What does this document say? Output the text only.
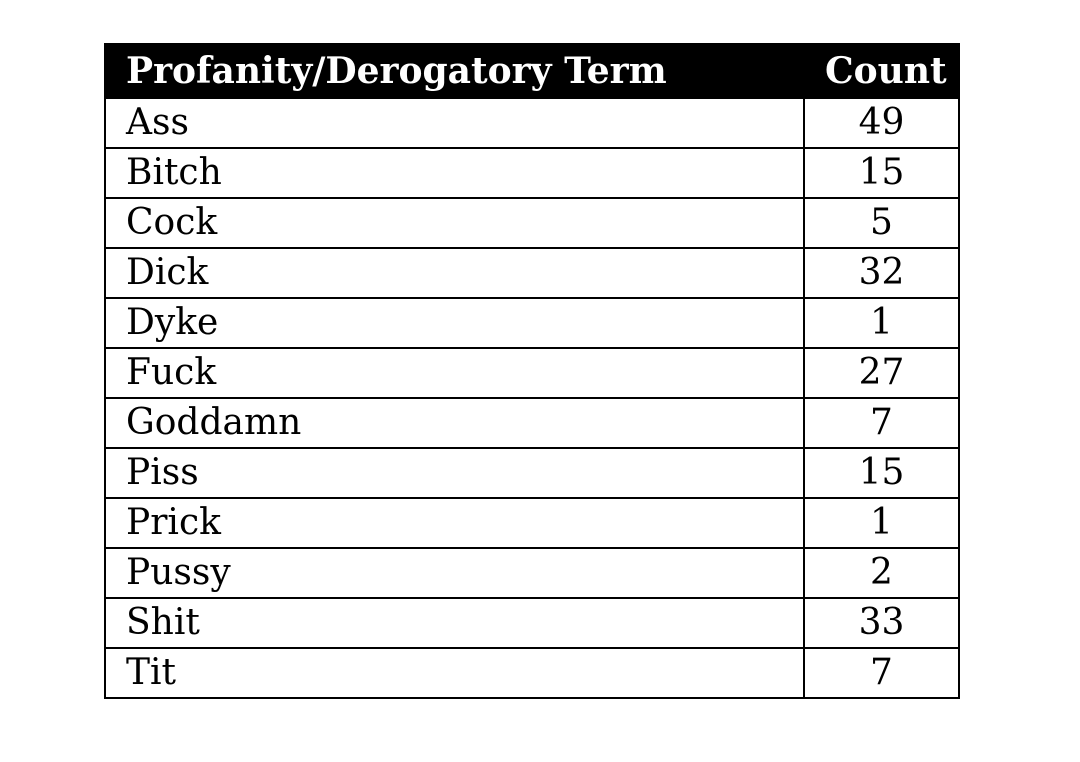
Profanity/Derogatory Term	Count
Ass	49
Bitch	15
Cock	5
Dick	32
Dyke	1
Fuck	27
Goddamn	7
Piss	15
Prick	1
Pussy	2
Shit	33
Tit	7
